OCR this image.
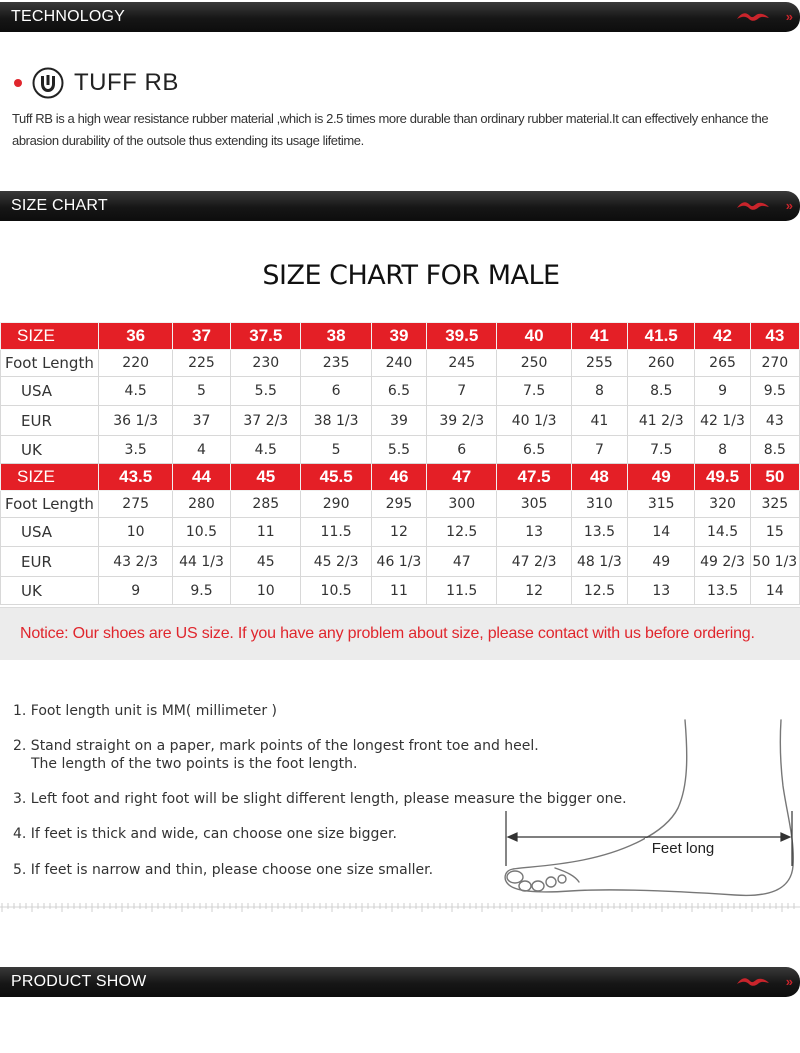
TECHNOLOGY	»
TUFF RB

Tuff RB is a high wear resistance rubber material ,which is 2.5 times more durable than ordinary rubber material.It can effectively enhance the abrasion durability of the outsole thus extending its usage lifetime.

SIZE CHART	»
SIZE CHART FOR MALE
SIZE	36	37	37.5	38	39	39.5	40	41	41.5	42	43
Foot Length	220	225	230	235	240	245	250	255	260	265	270
USA	4.5	5	5.5	6	6.5	7	7.5	8	8.5	9	9.5
EUR	36 1/3	37	37 2/3	38 1/3	39	39 2/3	40 1/3	41	41 2/3	42 1/3	43
UK	3.5	4	4.5	5	5.5	6	6.5	7	7.5	8	8.5
SIZE	43.5	44	45	45.5	46	47	47.5	48	49	49.5	50
Foot Length	275	280	285	290	295	300	305	310	315	320	325
USA	10	10.5	11	11.5	12	12.5	13	13.5	14	14.5	15
EUR	43 2/3	44 1/3	45	45 2/3	46 1/3	47	47 2/3	48 1/3	49	49 2/3	50 1/3
UK	9	9.5	10	10.5	11	11.5	12	12.5	13	13.5	14
Notice: Our shoes are US size. If you have any problem about size, please contact with us before ordering.
1. Foot length unit is MM( millimeter )
2. Stand straight on a paper, mark points of the longest front toe and heel.
The length of the two points is the foot length.
3. Left foot and right foot will be slight different length, please measure the bigger one.
4. If feet is thick and wide, can choose one size bigger.
5. If feet is narrow and thin, please choose one size smaller.
Feet long
PRODUCT SHOW	»
